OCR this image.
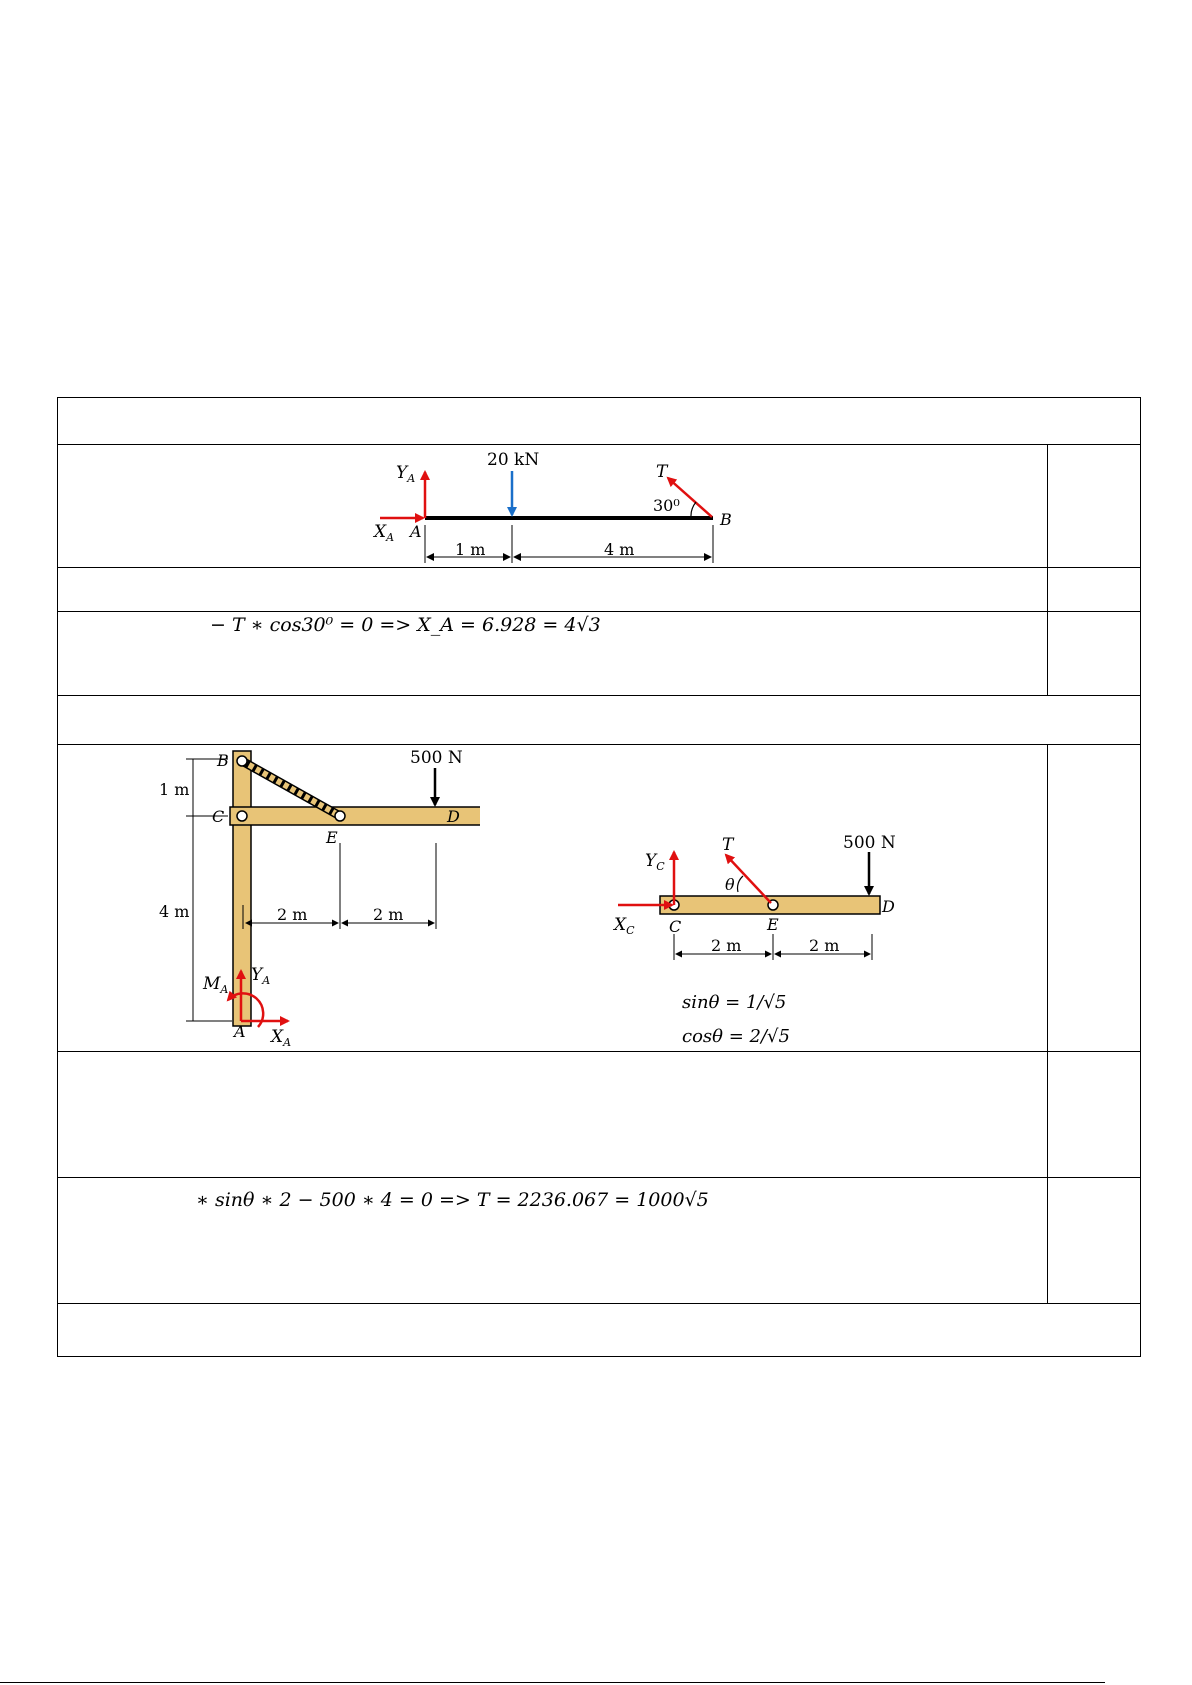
− T ∗ cos30⁰ = 0 => X_A = 6.928 = 4√3
∗ sinθ ∗ 2 − 500 ∗ 4 = 0 => T = 2236.067 = 1000√5
20 kN
T
30⁰
$Y_A$
$X_A$ A
B
1 m	4 m
500 N
B
C	D
E
A
1 m
4 m	2 m	2 m
$M_A$
$Y_A$
$X_A$
500 N
T
θ
$Y_C$
$X_C$ C	E
D
2 m	2 m
sinθ = 1/√5
cosθ = 2/√5
